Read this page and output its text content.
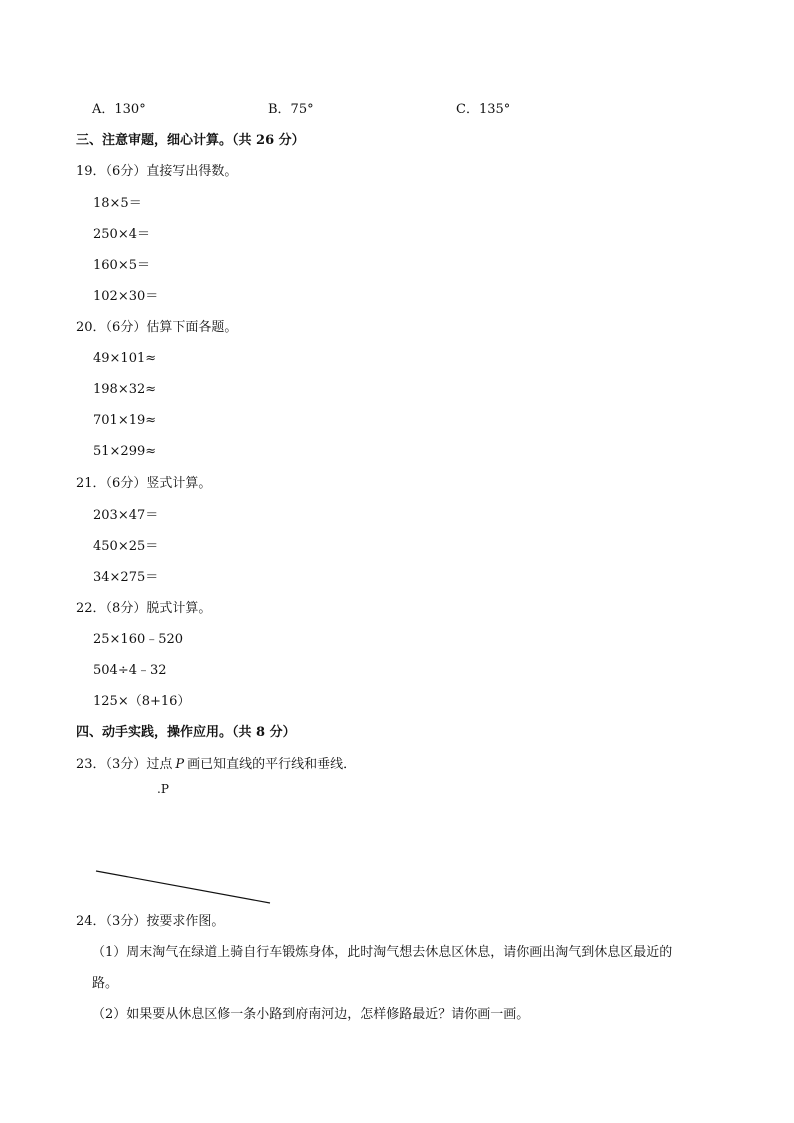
A．130°	B．75°	C．135°
三、注意审题，细心计算。（共 26 分）
19．（6分）直接写出得数。
18×5＝
250×4＝
160×5＝
102×30＝
20．（6分）估算下面各题。
49×101≈
198×32≈
701×19≈
51×299≈
21．（6分）竖式计算。
203×47＝
450×25＝
34×275＝
22．（8分）脱式计算。
25×160﹣520
504÷4﹣32
125×（8+16）
四、动手实践，操作应用。（共 8 分）
23．（3分）过点 P 画已知直线的平行线和垂线．
.P
24．（3分）按要求作图。
（1）周末淘气在绿道上骑自行车锻炼身体，此时淘气想去休息区休息，请你画出淘气到休息区最近的
路。
（2）如果要从休息区修一条小路到府南河边，怎样修路最近？请你画一画。
